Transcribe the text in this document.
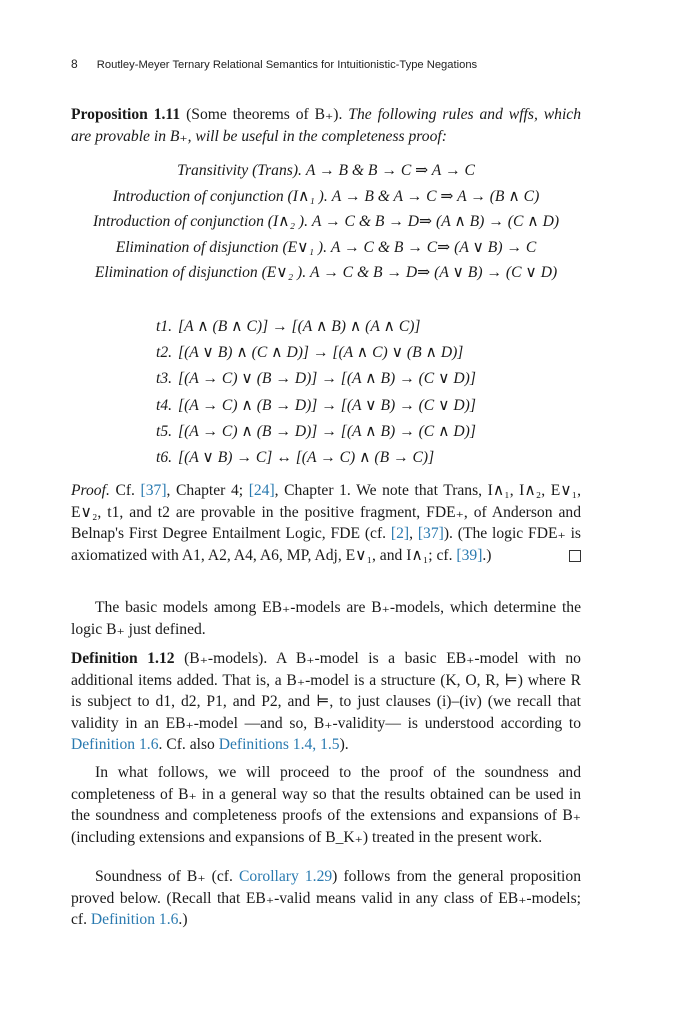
8 Routley-Meyer Ternary Relational Semantics for Intuitionistic-Type Negations

Proposition 1.11 (Some theorems of B₊). The following rules and wffs, which are provable in B₊, will be useful in the completeness proof:

Transitivity (Trans). A → B & B → C ⇒ A → C
Introduction of conjunction (I∧₁ ). A → B & A → C ⇒ A → (B ∧ C)
Introduction of conjunction (I∧₂ ). A → C & B → D⇒ (A ∧ B) → (C ∧ D)
Elimination of disjunction (E∨₁ ). A → C & B → C⇒ (A ∨ B) → C
Elimination of disjunction (E∨₂ ). A → C & B → D⇒ (A ∨ B) → (C ∨ D)
t1. [A ∧ (B ∧ C)] → [(A ∧ B) ∧ (A ∧ C)]
t2. [(A ∨ B) ∧ (C ∧ D)] → [(A ∧ C) ∨ (B ∧ D)]
t3. [(A → C) ∨ (B → D)] → [(A ∧ B) → (C ∨ D)]
t4. [(A → C) ∧ (B → D)] → [(A ∨ B) → (C ∨ D)]
t5. [(A → C) ∧ (B → D)] → [(A ∧ B) → (C ∧ D)]
t6. [(A ∨ B) → C] ↔ [(A → C) ∧ (B → C)]

Proof. Cf. [37], Chapter 4; [24], Chapter 1. We note that Trans, I∧₁, I∧₂, E∨₁, E∨₂, t1, and t2 are provable in the positive fragment, FDE₊, of Anderson and Belnap's First Degree Entailment Logic, FDE (cf. [2], [37]). (The logic FDE₊ is axiomatized with A1, A2, A4, A6, MP, Adj, E∨₁, and I∧₁; cf. [39].)

The basic models among EB₊-models are B₊-models, which determine the logic B₊ just defined.

Definition 1.12 (B₊-models). A B₊-model is a basic EB₊-model with no additional items added. That is, a B₊-model is a structure (K, O, R, ⊨) where R is subject to d1, d2, P1, and P2, and ⊨, to just clauses (i)–(iv) (we recall that validity in an EB₊-model —and so, B₊-validity— is understood according to Definition 1.6. Cf. also Definitions 1.4, 1.5).

In what follows, we will proceed to the proof of the soundness and completeness of B₊ in a general way so that the results obtained can be used in the soundness and completeness proofs of the extensions and expansions of B₊ (including extensions and expansions of B_K₊) treated in the present work.

Soundness of B₊ (cf. Corollary 1.29) follows from the general proposition proved below. (Recall that EB₊-valid means valid in any class of EB₊-models; cf. Definition 1.6.)
